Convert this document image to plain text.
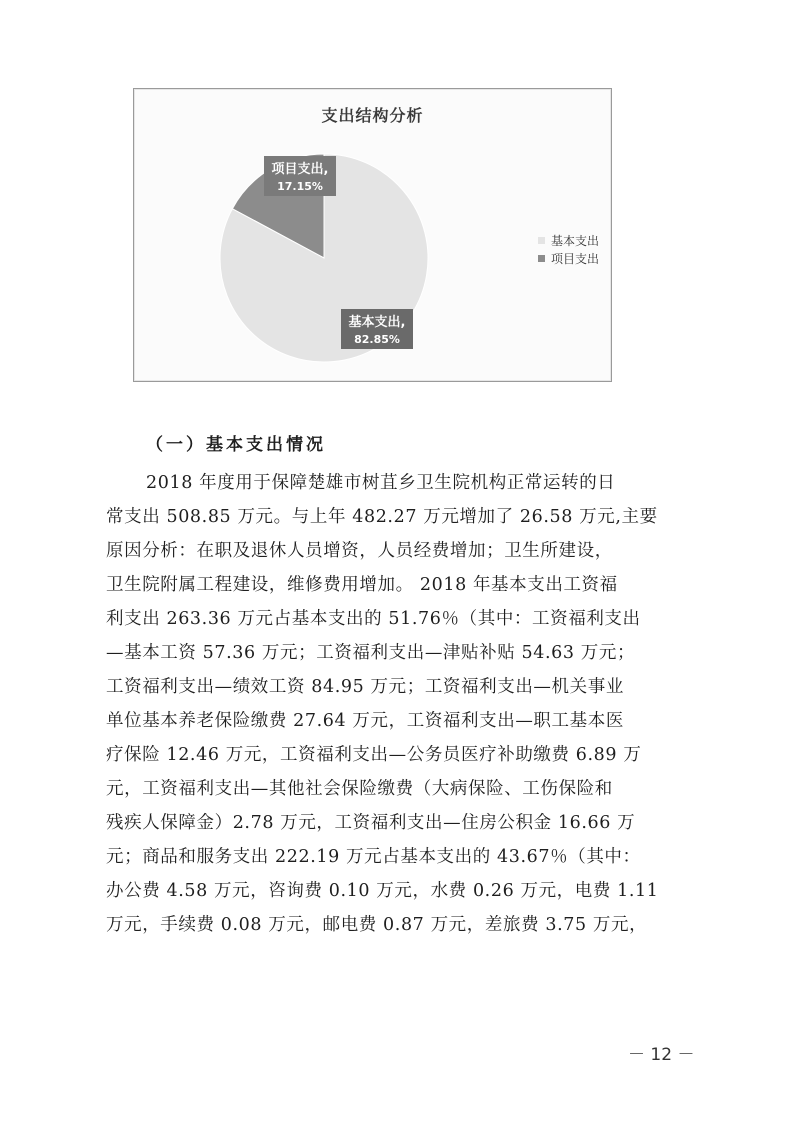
支出结构分析
项目支出,
17.15%
基本支出,
82.85%
基本支出
项目支出
（一）基本支出情况
2018 年度用于保障楚雄市树苴乡卫生院机构正常运转的日
常支出 508.85 万元。与上年 482.27 万元增加了 26.58 万元,主要
原因分析：在职及退休人员增资，人员经费增加；卫生所建设，
卫生院附属工程建设，维修费用增加。 2018 年基本支出工资福
利支出 263.36 万元占基本支出的 51.76％（其中：工资福利支出
—基本工资 57.36 万元；工资福利支出—津贴补贴 54.63 万元；
工资福利支出—绩效工资 84.95 万元；工资福利支出—机关事业
单位基本养老保险缴费 27.64 万元，工资福利支出—职工基本医
疗保险 12.46 万元，工资福利支出—公务员医疗补助缴费 6.89 万
元，工资福利支出—其他社会保险缴费（大病保险、工伤保险和
残疾人保障金）2.78 万元，工资福利支出—住房公积金 16.66 万
元；商品和服务支出 222.19 万元占基本支出的 43.67％（其中：
办公费 4.58 万元，咨询费 0.10 万元，水费 0.26 万元，电费 1.11
万元，手续费 0.08 万元，邮电费 0.87 万元，差旅费 3.75 万元，
－ 12 －
